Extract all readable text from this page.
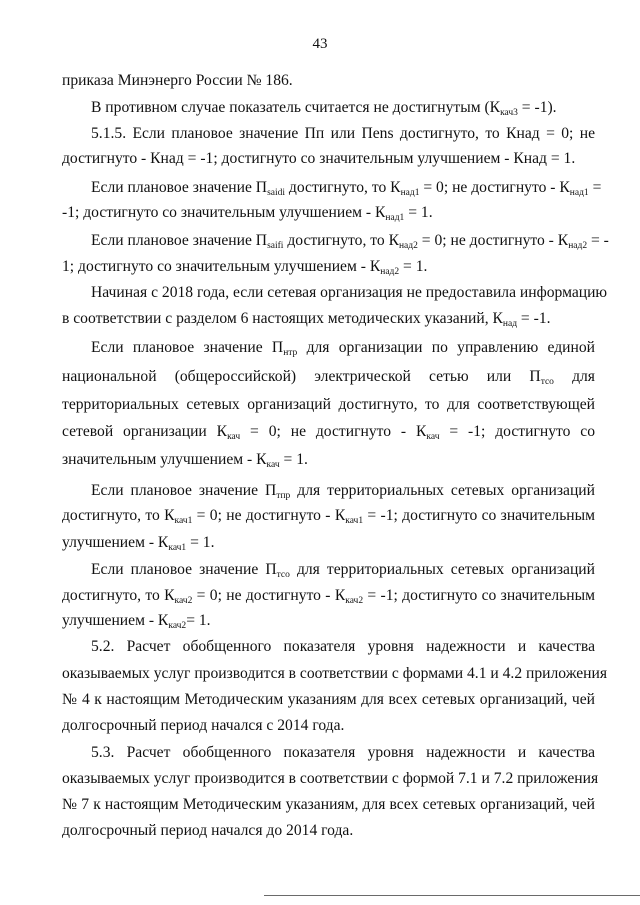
43
приказа Минэнерго России № 186.
В противном случае показатель считается не достигнутым $(К_{кач3} = -1)$.
5.1.5. Если плановое значение Пп или Пens достигнуто, то Кнад = 0; не
достигнуто - Кнад = -1; достигнуто со значительным улучшением - Кнад = 1.
Если плановое значение $П_{saidi}$ достигнуто, то $К_{над1} = 0$; не достигнуто - $К_{над1}$ =
-1; достигнуто со значительным улучшением - $К_{над1} = 1$.
Если плановое значение $П_{saifi}$ достигнуто, то $К_{над2} = 0$; не достигнуто - $К_{над2}$ = -
1; достигнуто со значительным улучшением - $К_{над2} = 1$.
Начиная с 2018 года, если сетевая организация не предоставила информацию
в соответствии с разделом 6 настоящих методических указаний, $К_{над} = -1$.
Если плановое значение $П_{нтр}$ для организации по управлению единой
национальной (общероссийской) электрической сетью или $П_{тсо}$ для
территориальных сетевых организаций достигнуто, то для соответствующей
сетевой организации $К_{кач} = 0$; не достигнуто - $К_{кач} = -1$; достигнуто со
значительным улучшением - $К_{кач} = 1$.
Если плановое значение $П_{тпр}$ для территориальных сетевых организаций
достигнуто, то $К_{кач1} = 0$; не достигнуто - $К_{кач1} = -1$; достигнуто со значительным
улучшением - $К_{кач1} = 1$.
Если плановое значение $П_{тсо}$ для территориальных сетевых организаций
достигнуто, то $К_{кач2} = 0$; не достигнуто - $К_{кач2} = -1$; достигнуто со значительным
улучшением - $К_{кач2}= 1$.
5.2. Расчет обобщенного показателя уровня надежности и качества
оказываемых услуг производится в соответствии с формами 4.1 и 4.2 приложения
№ 4 к настоящим Методическим указаниям для всех сетевых организаций, чей
долгосрочный период начался с 2014 года.
5.3. Расчет обобщенного показателя уровня надежности и качества
оказываемых услуг производится в соответствии с формой 7.1 и 7.2 приложения
№ 7 к настоящим Методическим указаниям, для всех сетевых организаций, чей
долгосрочный период начался до 2014 года.
